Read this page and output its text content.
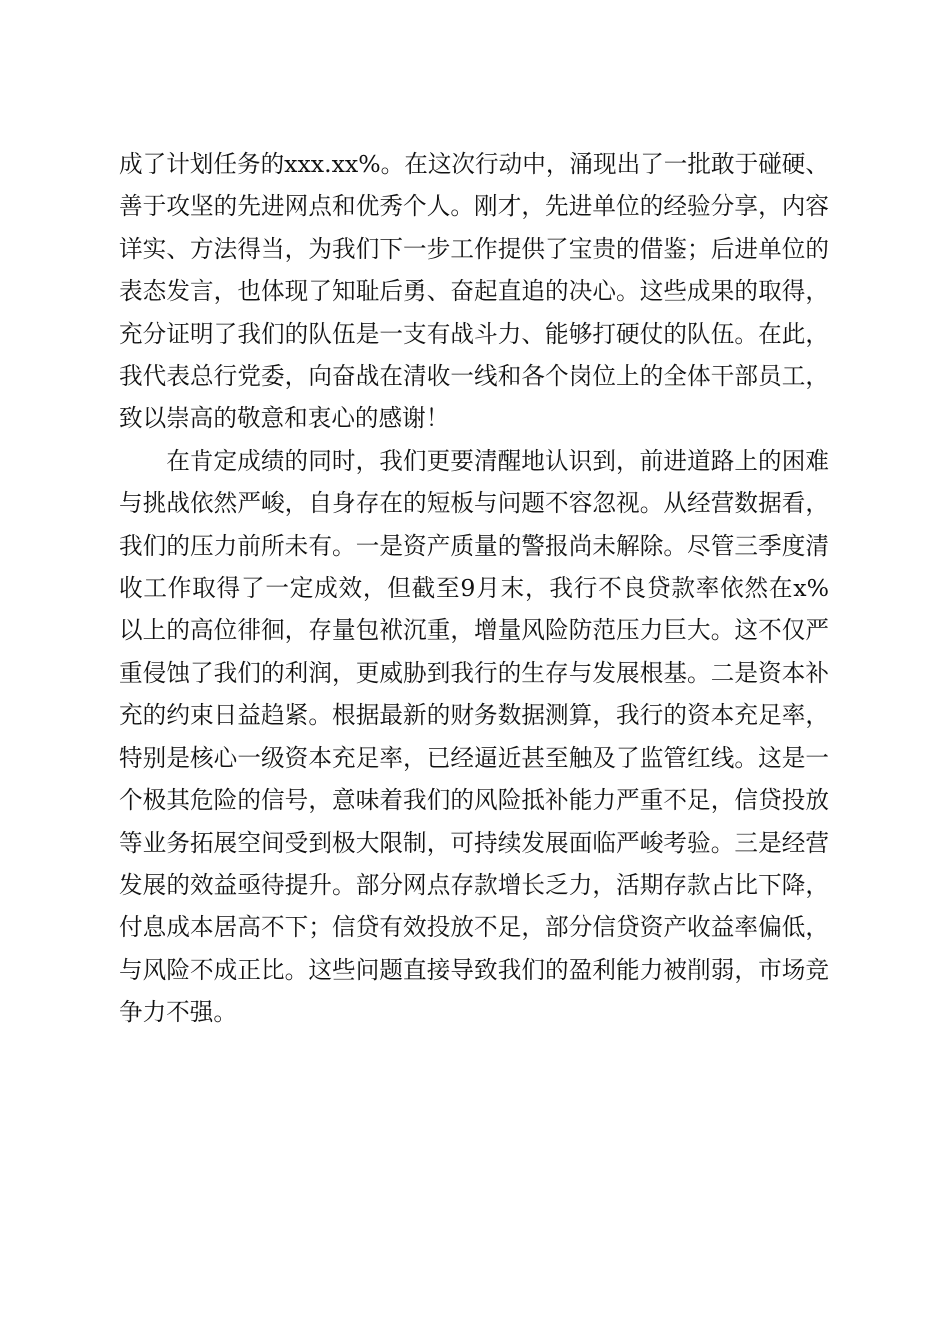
成了计划任务的xxx.xx%。在这次行动中，涌现出了一批敢于碰硬、善于攻坚的先进网点和优秀个人。刚才，先进单位的经验分享，内容详实、方法得当，为我们下一步工作提供了宝贵的借鉴；后进单位的表态发言，也体现了知耻后勇、奋起直追的决心。这些成果的取得，充分证明了我们的队伍是一支有战斗力、能够打硬仗的队伍。在此，我代表总行党委，向奋战在清收一线和各个岗位上的全体干部员工，致以崇高的敬意和衷心的感谢！

在肯定成绩的同时，我们更要清醒地认识到，前进道路上的困难与挑战依然严峻，自身存在的短板与问题不容忽视。从经营数据看，我们的压力前所未有。一是资产质量的警报尚未解除。尽管三季度清收工作取得了一定成效，但截至9月末，我行不良贷款率依然在x%以上的高位徘徊，存量包袱沉重，增量风险防范压力巨大。这不仅严重侵蚀了我们的利润，更威胁到我行的生存与发展根基。二是资本补充的约束日益趋紧。根据最新的财务数据测算，我行的资本充足率，特别是核心一级资本充足率，已经逼近甚至触及了监管红线。这是一个极其危险的信号，意味着我们的风险抵补能力严重不足，信贷投放等业务拓展空间受到极大限制，可持续发展面临严峻考验。三是经营发展的效益亟待提升。部分网点存款增长乏力，活期存款占比下降，付息成本居高不下；信贷有效投放不足，部分信贷资产收益率偏低，与风险不成正比。这些问题直接导致我们的盈利能力被削弱，市场竞争力不强。
